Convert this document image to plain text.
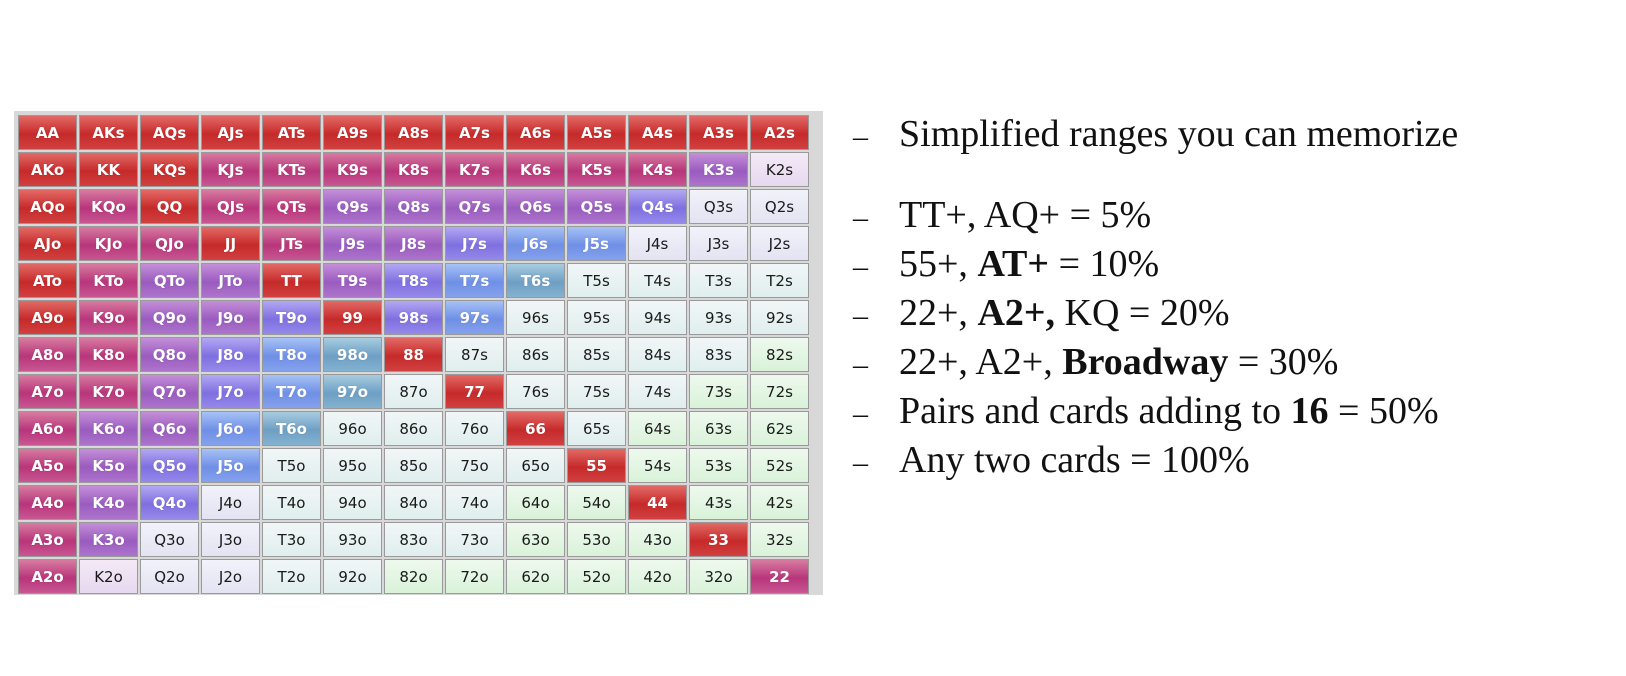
AA	AKs	AQs	AJs	ATs	A9s	A8s	A7s	A6s	A5s	A4s	A3s	A2s
AKo	KK	KQs	KJs	KTs	K9s	K8s	K7s	K6s	K5s	K4s	K3s	K2s
AQo	KQo	QQ	QJs	QTs	Q9s	Q8s	Q7s	Q6s	Q5s	Q4s	Q3s	Q2s
AJo	KJo	QJo	JJ	JTs	J9s	J8s	J7s	J6s	J5s	J4s	J3s	J2s
ATo	KTo	QTo	JTo	TT	T9s	T8s	T7s	T6s	T5s	T4s	T3s	T2s
A9o	K9o	Q9o	J9o	T9o	99	98s	97s	96s	95s	94s	93s	92s
A8o	K8o	Q8o	J8o	T8o	98o	88	87s	86s	85s	84s	83s	82s
A7o	K7o	Q7o	J7o	T7o	97o	87o	77	76s	75s	74s	73s	72s
A6o	K6o	Q6o	J6o	T6o	96o	86o	76o	66	65s	64s	63s	62s
A5o	K5o	Q5o	J5o	T5o	95o	85o	75o	65o	55	54s	53s	52s
A4o	K4o	Q4o	J4o	T4o	94o	84o	74o	64o	54o	44	43s	42s
A3o	K3o	Q3o	J3o	T3o	93o	83o	73o	63o	53o	43o	33	32s
A2o	K2o	Q2o	J2o	T2o	92o	82o	72o	62o	52o	42o	32o	22
– Simplified ranges you can memorize
– TT+, AQ+ = 5%
– 55+, AT+ = 10%
– 22+, A2+, KQ = 20%
– 22+, A2+, Broadway = 30%
– Pairs and cards adding to 16 = 50%
– Any two cards = 100%
